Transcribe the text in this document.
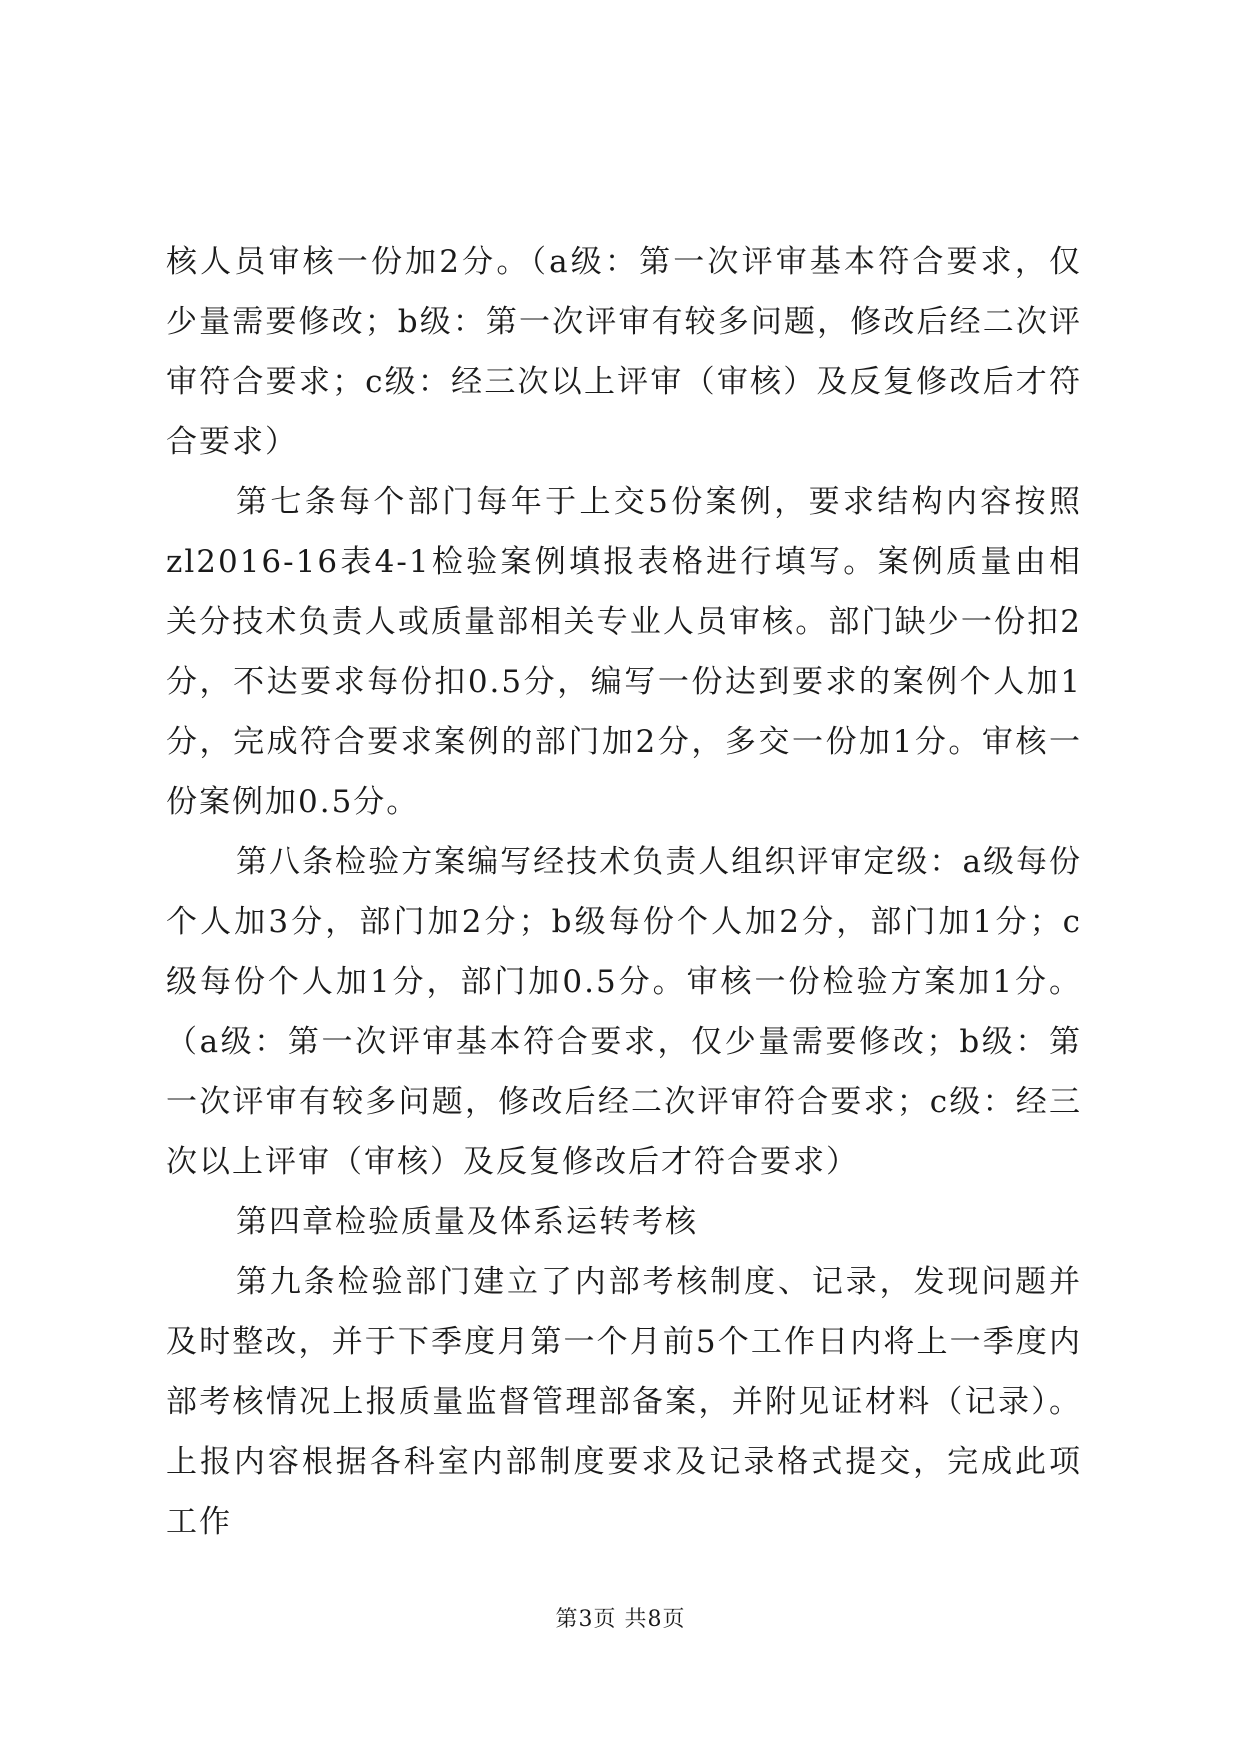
核人员审核一份加2分。（a级：第一次评审基本符合要求，仅少量需要修改；b级：第一次评审有较多问题，修改后经二次评审符合要求；c级：经三次以上评审（审核）及反复修改后才符合要求）

第七条每个部门每年于上交5份案例，要求结构内容按照zl2016-16表4-1检验案例填报表格进行填写。案例质量由相关分技术负责人或质量部相关专业人员审核。部门缺少一份扣2分，不达要求每份扣0.5分，编写一份达到要求的案例个人加1分，完成符合要求案例的部门加2分，多交一份加1分。审核一份案例加0.5分。

第八条检验方案编写经技术负责人组织评审定级：a级每份个人加3分，部门加2分；b级每份个人加2分，部门加1分；c级每份个人加1分，部门加0.5分。审核一份检验方案加1分。（a级：第一次评审基本符合要求，仅少量需要修改；b级：第一次评审有较多问题，修改后经二次评审符合要求；c级：经三次以上评审（审核）及反复修改后才符合要求）

第四章检验质量及体系运转考核

第九条检验部门建立了内部考核制度、记录，发现问题并及时整改，并于下季度月第一个月前5个工作日内将上一季度内部考核情况上报质量监督管理部备案，并附见证材料（记录）。上报内容根据各科室内部制度要求及记录格式提交，完成此项工作

第3页 共8页
